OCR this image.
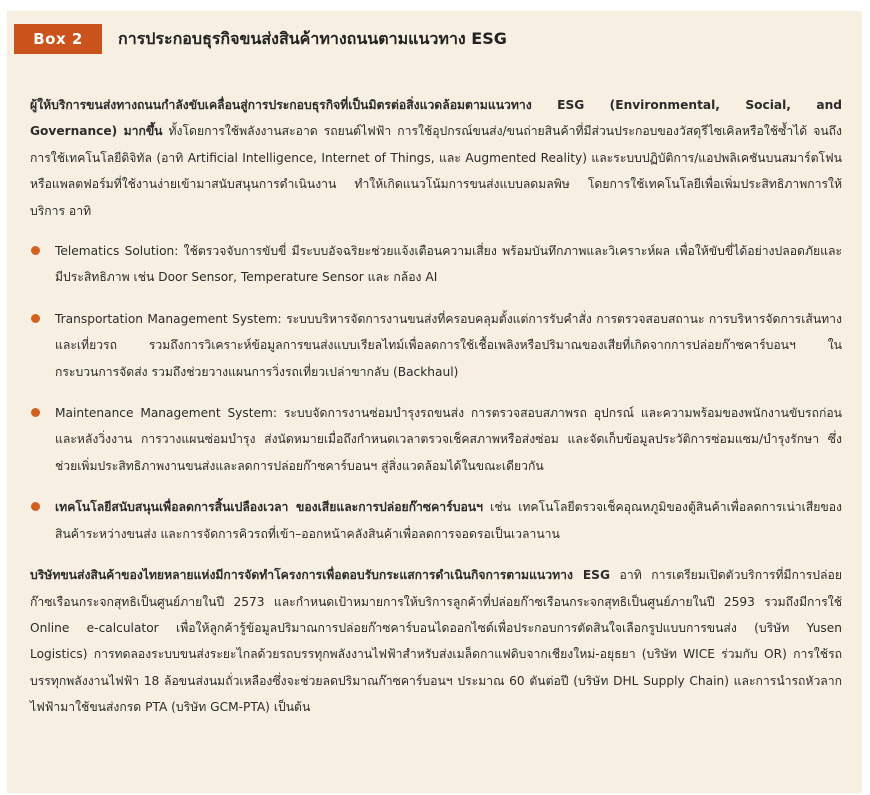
Box 2	การประกอบธุรกิจขนส่งสินค้าทางถนนตามแนวทาง ESG

ผู้ให้บริการขนส่งทางถนนกำลังขับเคลื่อนสู่การประกอบธุรกิจที่เป็นมิตรต่อสิ่งแวดล้อมตามแนวทาง ESG (Environmental, Social, and Governance) มากขึ้น ทั้งโดยการใช้พลังงานสะอาด รถยนต์ไฟฟ้า การใช้อุปกรณ์ขนส่ง/ขนถ่ายสินค้าที่มีส่วนประกอบของวัสดุรีไซเคิลหรือใช้ซ้ำได้ จนถึงการใช้เทคโนโลยีดิจิทัล (อาทิ Artificial Intelligence, Internet of Things, และ Augmented Reality) และระบบปฏิบัติการ/แอปพลิเคชันบนสมาร์ตโฟนหรือแพลตฟอร์มที่ใช้งานง่ายเข้ามาสนับสนุนการดำเนินงาน ทำให้เกิดแนวโน้มการขนส่งแบบลดมลพิษ โดยการใช้เทคโนโลยีเพื่อเพิ่มประสิทธิภาพการให้บริการ อาทิ

Telematics Solution: ใช้ตรวจจับการขับขี่ มีระบบอัจฉริยะช่วยแจ้งเตือนความเสี่ยง พร้อมบันทึกภาพและวิเคราะห์ผล เพื่อให้ขับขี่ได้อย่างปลอดภัยและมีประสิทธิภาพ เช่น Door Sensor, Temperature Sensor และ กล้อง AI
Transportation Management System: ระบบบริหารจัดการงานขนส่งที่ครอบคลุมตั้งแต่การรับคำสั่ง การตรวจสอบสถานะ การบริหารจัดการเส้นทางและเที่ยวรถ รวมถึงการวิเคราะห์ข้อมูลการขนส่งแบบเรียลไทม์เพื่อลดการใช้เชื้อเพลิงหรือปริมาณของเสียที่เกิดจากการปล่อยก๊าซคาร์บอนฯ ในกระบวนการจัดส่ง รวมถึงช่วยวางแผนการวิ่งรถเที่ยวเปล่าขากลับ (Backhaul)
Maintenance Management System: ระบบจัดการงานซ่อมบำรุงรถขนส่ง การตรวจสอบสภาพรถ อุปกรณ์ และความพร้อมของพนักงานขับรถก่อนและหลังวิ่งงาน การวางแผนซ่อมบำรุง ส่งนัดหมายเมื่อถึงกำหนดเวลาตรวจเช็คสภาพหรือส่งซ่อม และจัดเก็บข้อมูลประวัติการซ่อมแซม/บำรุงรักษา ซึ่งช่วยเพิ่มประสิทธิภาพงานขนส่งและลดการปล่อยก๊าซคาร์บอนฯ สู่สิ่งแวดล้อมได้ในขณะเดียวกัน
เทคโนโลยีสนับสนุนเพื่อลดการสิ้นเปลืองเวลา ของเสียและการปล่อยก๊าซคาร์บอนฯ เช่น เทคโนโลยีตรวจเช็คอุณหภูมิของตู้สินค้าเพื่อลดการเน่าเสียของสินค้าระหว่างขนส่ง และการจัดการคิวรถที่เข้า–ออกหน้าคลังสินค้าเพื่อลดการจอดรอเป็นเวลานาน

บริษัทขนส่งสินค้าของไทยหลายแห่งมีการจัดทำโครงการเพื่อตอบรับกระแสการดำเนินกิจการตามแนวทาง ESG อาทิ การเตรียมเปิดตัวบริการที่มีการปล่อยก๊าซเรือนกระจกสุทธิเป็นศูนย์ภายในปี 2573 และกำหนดเป้าหมายการให้บริการลูกค้าที่ปล่อยก๊าซเรือนกระจกสุทธิเป็นศูนย์ภายในปี 2593 รวมถึงมีการใช้ Online e-calculator เพื่อให้ลูกค้ารู้ข้อมูลปริมาณการปล่อยก๊าซคาร์บอนไดออกไซด์เพื่อประกอบการตัดสินใจเลือกรูปแบบการขนส่ง (บริษัท Yusen Logistics) การทดลองระบบขนส่งระยะไกลด้วยรถบรรทุกพลังงานไฟฟ้าสำหรับส่งเมล็ดกาแฟดิบจากเชียงใหม่-อยุธยา (บริษัท WICE ร่วมกับ OR) การใช้รถบรรทุกพลังงานไฟฟ้า 18 ล้อขนส่งนมถั่วเหลืองซึ่งจะช่วยลดปริมาณก๊าซคาร์บอนฯ ประมาณ 60 ตันต่อปี (บริษัท DHL Supply Chain) และการนำรถหัวลากไฟฟ้ามาใช้ขนส่งกรด PTA (บริษัท GCM-PTA) เป็นต้น
